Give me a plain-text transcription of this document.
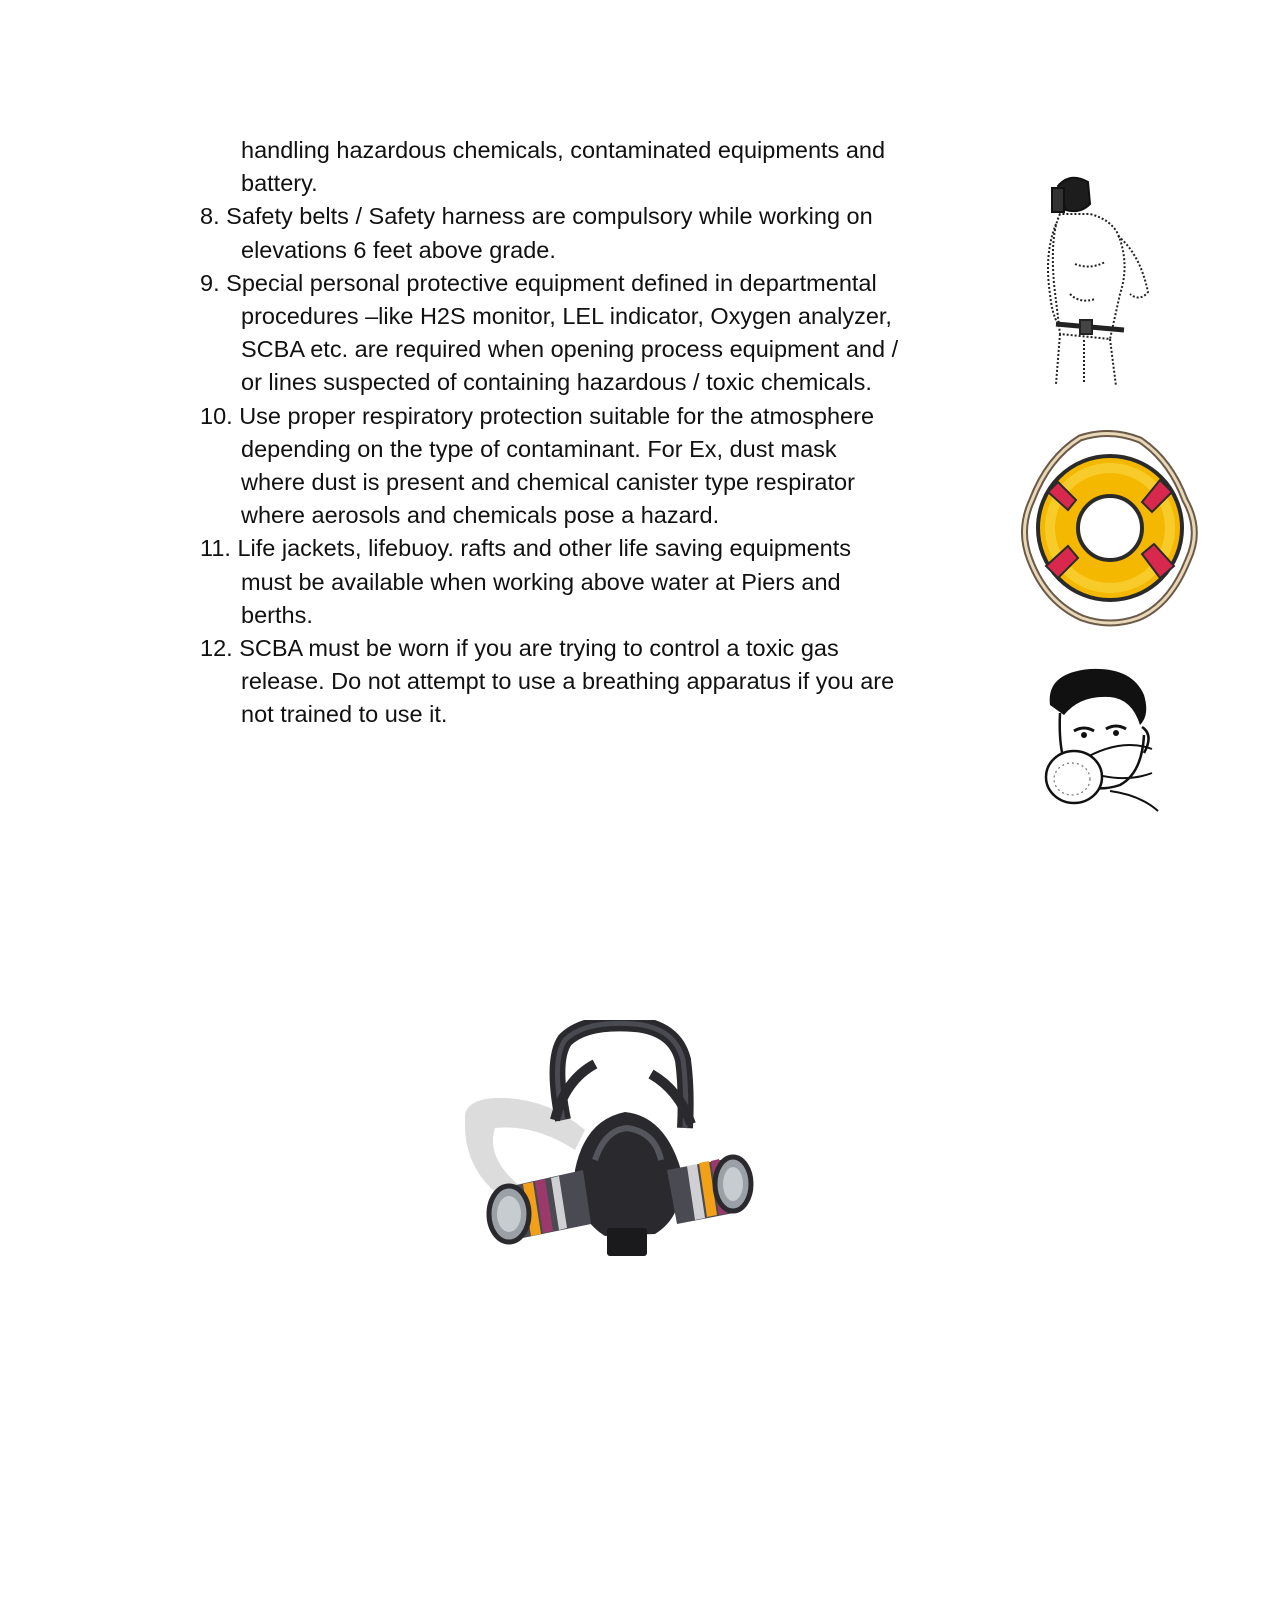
handling hazardous chemicals, contaminated equipments and battery.

8. Safety belts / Safety harness are compulsory while working on elevations 6 feet above grade.

9. Special personal protective equipment defined in departmental procedures –like H2S monitor, LEL indicator, Oxygen analyzer, SCBA etc. are required when opening process equipment and / or lines suspected of containing hazardous / toxic chemicals.

10. Use proper respiratory protection suitable for the atmosphere depending on the type of contaminant. For Ex, dust mask where dust is present and chemical canister type respirator where aerosols and chemicals pose a hazard.

11. Life jackets, lifebuoy. rafts and other life saving equipments must be available when working above water at Piers and berths.

12. SCBA must be worn if you are trying to control a toxic gas release. Do not attempt to use a breathing apparatus if you are not trained to use it.
